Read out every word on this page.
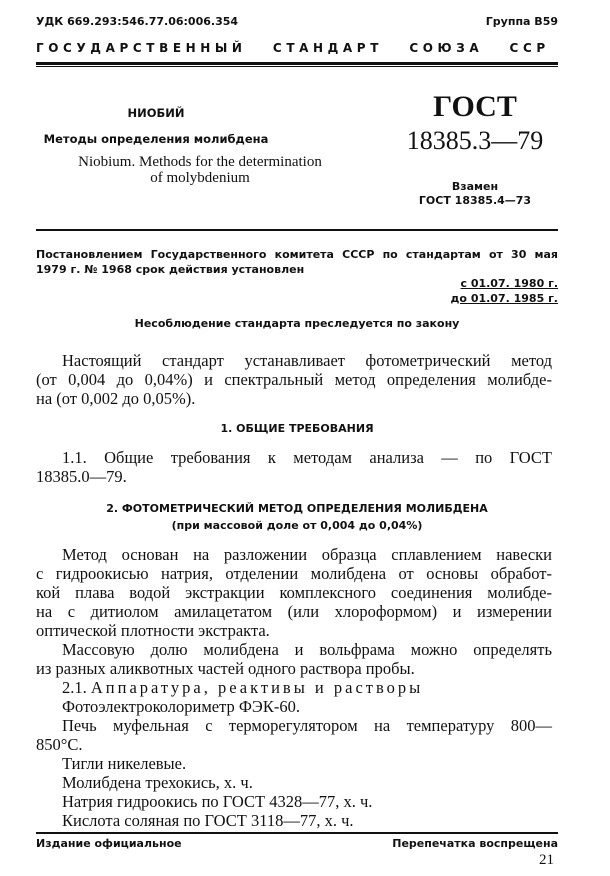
УДК 669.293:546.77.06:006.354	Группа В59
ГОСУДАРСТВЕННЫЙ   СТАНДАРТ   СОЮЗА   ССР
НИОБИЙ
Методы определения молибдена
Niobium. Methods for the determination
of molybdenium
ГОСТ
18385.3—79
Взамен
ГОСТ 18385.4—73
Постановлением Государственного комитета СССР по стандартам от 30 мая
1979 г. № 1968 срок действия установлен
с 01.07. 1980 г.
до 01.07. 1985 г.
Несоблюдение стандарта преследуется по закону
Настоящий стандарт устанавливает фотометрический метод
(от 0,004 до 0,04%) и спектральный метод определения молибде-
на (от 0,002 до 0,05%).
1. ОБЩИЕ ТРЕБОВАНИЯ
1.1. Общие требования к методам анализа — по ГОСТ
18385.0—79.
2. ФОТОМЕТРИЧЕСКИЙ МЕТОД ОПРЕДЕЛЕНИЯ МОЛИБДЕНА
(при массовой доле от 0,004 до 0,04%)
Метод основан на разложении образца сплавлением навески
с гидроокисью натрия, отделении молибдена от основы обработ-
кой плава водой экстракции комплексного соединения молибде-
на с дитиолом амилацетатом (или хлороформом) и измерении
оптической плотности экстракта.
Массовую долю молибдена и вольфрама можно определять
из разных аликвотных частей одного раствора пробы.
2.1. Аппаратура, реактивы и растворы
Фотоэлектроколориметр ФЭК-60.
Печь муфельная с терморегулятором на температуру 800—
850°С.
Тигли никелевые.
Молибдена трехокись, х. ч.
Натрия гидроокись по ГОСТ 4328—77, х. ч.
Кислота соляная по ГОСТ 3118—77, х. ч.
Издание официальное	Перепечатка воспрещена
21
